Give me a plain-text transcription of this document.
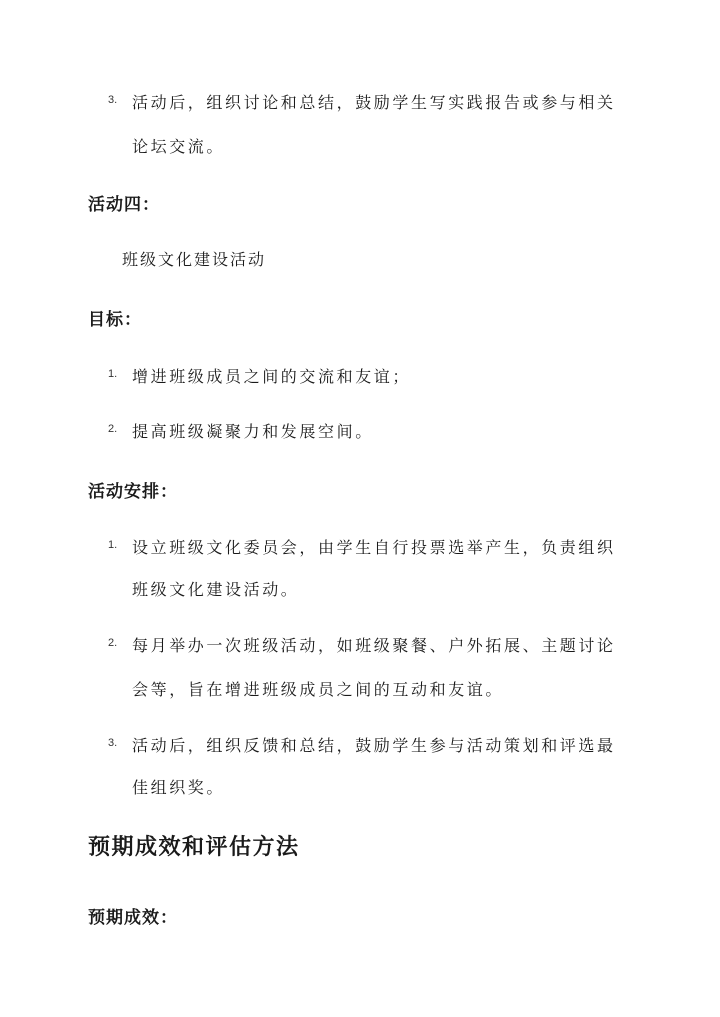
3. 活动后，组织讨论和总结，鼓励学生写实践报告或参与相关
论坛交流。
活动四：
班级文化建设活动
目标：
1. 增进班级成员之间的交流和友谊；
2. 提高班级凝聚力和发展空间。
活动安排：
1. 设立班级文化委员会，由学生自行投票选举产生，负责组织
班级文化建设活动。
2. 每月举办一次班级活动，如班级聚餐、户外拓展、主题讨论
会等，旨在增进班级成员之间的互动和友谊。
3. 活动后，组织反馈和总结，鼓励学生参与活动策划和评选最
佳组织奖。
预期成效和评估方法
预期成效：
